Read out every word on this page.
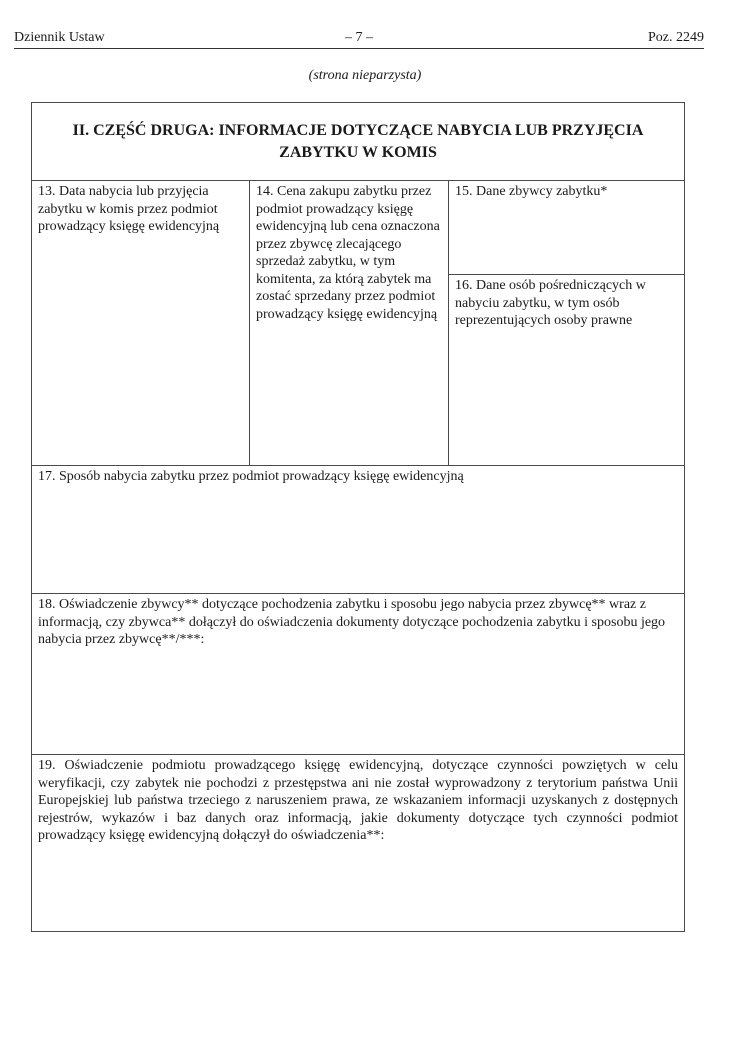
Dziennik Ustaw	– 7 –	Poz. 2249
(strona nieparzysta)
II. CZĘŚĆ DRUGA: INFORMACJE DOTYCZĄCE NABYCIA LUB PRZYJĘCIA ZABYTKU W KOMIS
13. Data nabycia lub przyjęcia zabytku w komis przez podmiot prowadzący księgę ewidencyjną	14. Cena zakupu zabytku przez podmiot prowadzący księgę ewidencyjną lub cena oznaczona przez zbywcę zlecającego sprzedaż zabytku, w tym komitenta, za którą zabytek ma zostać sprzedany przez podmiot prowadzący księgę ewidencyjną	15. Dane zbywcy zabytku*
16. Dane osób pośredniczących w nabyciu zabytku, w tym osób reprezentujących osoby prawne
17. Sposób nabycia zabytku przez podmiot prowadzący księgę ewidencyjną
18. Oświadczenie zbywcy** dotyczące pochodzenia zabytku i sposobu jego nabycia przez zbywcę** wraz z informacją, czy zbywca** dołączył do oświadczenia dokumenty dotyczące pochodzenia zabytku i sposobu jego nabycia przez zbywcę**/***:
19. Oświadczenie podmiotu prowadzącego księgę ewidencyjną, dotyczące czynności powziętych w celu weryfikacji, czy zabytek nie pochodzi z przestępstwa ani nie został wyprowadzony z terytorium państwa Unii Europejskiej lub państwa trzeciego z naruszeniem prawa, ze wskazaniem informacji uzyskanych z dostępnych rejestrów, wykazów i baz danych oraz informacją, jakie dokumenty dotyczące tych czynności podmiot prowadzący księgę ewidencyjną dołączył do oświadczenia**:
